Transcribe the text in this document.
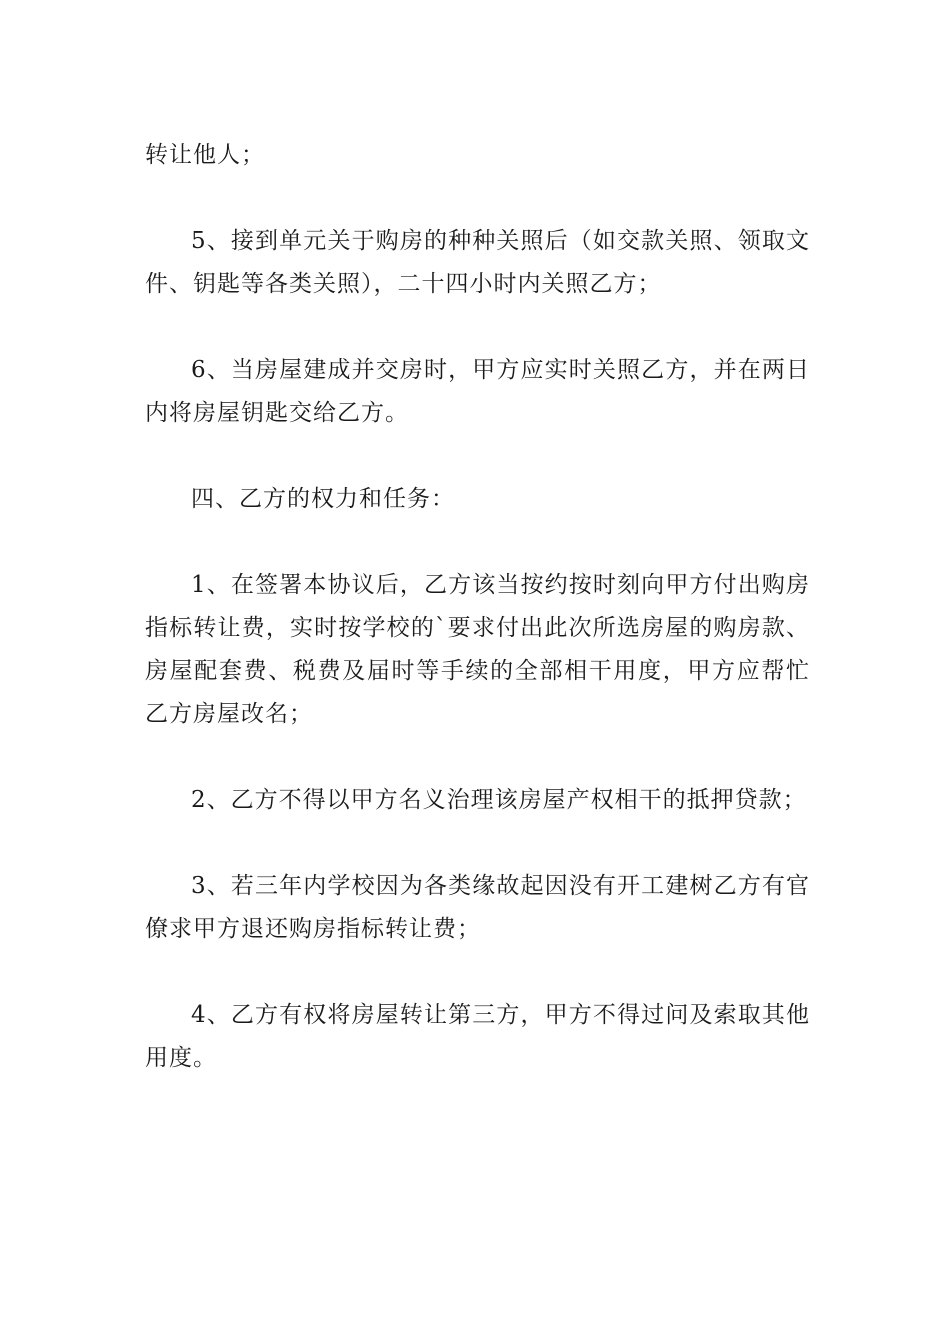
转让他人；

5、接到单元关于购房的种种关照后（如交款关照、领取文件、钥匙等各类关照），二十四小时内关照乙方；

6、当房屋建成并交房时，甲方应实时关照乙方，并在两日内将房屋钥匙交给乙方。

四、乙方的权力和任务：

1、在签署本协议后，乙方该当按约按时刻向甲方付出购房指标转让费，实时按学校的`要求付出此次所选房屋的购房款、房屋配套费、税费及届时等手续的全部相干用度，甲方应帮忙乙方房屋改名；

2、乙方不得以甲方名义治理该房屋产权相干的抵押贷款；

3、若三年内学校因为各类缘故起因没有开工建树乙方有官僚求甲方退还购房指标转让费；

4、乙方有权将房屋转让第三方，甲方不得过问及索取其他用度。
